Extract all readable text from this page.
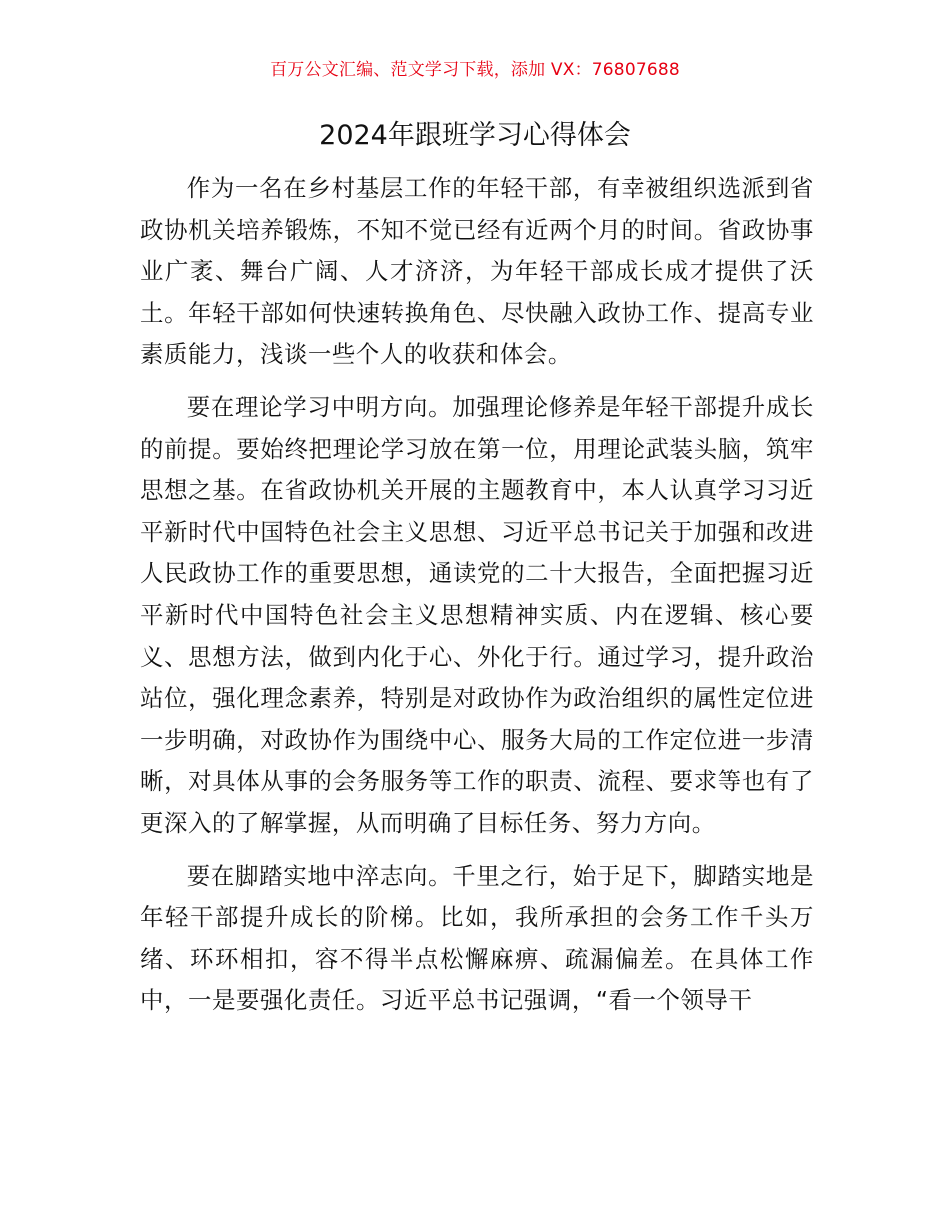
百万公文汇编、范文学习下载，添加 VX：76807688
2024年跟班学习心得体会

作为一名在乡村基层工作的年轻干部，有幸被组织选派到省政协机关培养锻炼，不知不觉已经有近两个月的时间。省政协事业广袤、舞台广阔、人才济济，为年轻干部成长成才提供了沃土。年轻干部如何快速转换角色、尽快融入政协工作、提高专业素质能力，浅谈一些个人的收获和体会。

要在理论学习中明方向。加强理论修养是年轻干部提升成长的前提。要始终把理论学习放在第一位，用理论武装头脑，筑牢思想之基。在省政协机关开展的主题教育中，本人认真学习习近平新时代中国特色社会主义思想、习近平总书记关于加强和改进人民政协工作的重要思想，通读党的二十大报告，全面把握习近平新时代中国特色社会主义思想精神实质、内在逻辑、核心要义、思想方法，做到内化于心、外化于行。通过学习，提升政治站位，强化理念素养，特别是对政协作为政治组织的属性定位进一步明确，对政协作为围绕中心、服务大局的工作定位进一步清晰，对具体从事的会务服务等工作的职责、流程、要求等也有了更深入的了解掌握，从而明确了目标任务、努力方向。

要在脚踏实地中淬志向。千里之行，始于足下，脚踏实地是年轻干部提升成长的阶梯。比如，我所承担的会务工作千头万绪、环环相扣，容不得半点松懈麻痹、疏漏偏差。在具体工作中，一是要强化责任。习近平总书记强调，“看一个领导干
